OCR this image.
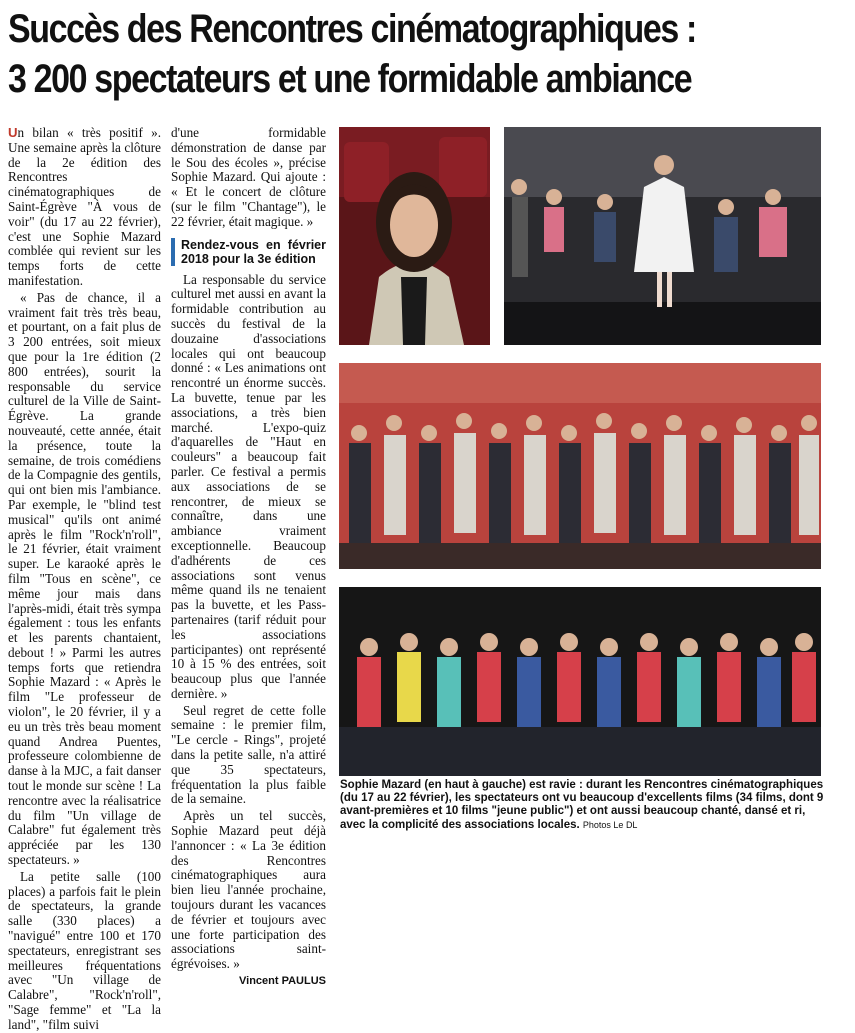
Succès des Rencontres cinématographiques :
3 200 spectateurs et une formidable ambiance

Un bilan « très positif ». Une semaine après la clôture de la 2e édition des Rencontres cinématographiques de Saint-Égrève "À vous de voir" (du 17 au 22 février), c'est une Sophie Mazard comblée qui revient sur les temps forts de cette manifestation.

« Pas de chance, il a vraiment fait très très beau, et pourtant, on a fait plus de 3 200 entrées, soit mieux que pour la 1re édition (2 800 entrées), sourit la responsable du service culturel de la Ville de Saint-Égrève. La grande nouveauté, cette année, était la présence, toute la semaine, de trois comédiens de la Compagnie des gentils, qui ont bien mis l'ambiance. Par exemple, le "blind test musical" qu'ils ont animé après le film "Rock'n'roll", le 21 février, était vraiment super. Le karaoké après le film "Tous en scène", ce même jour mais dans l'après-midi, était très sympa également : tous les enfants et les parents chantaient, debout ! » Parmi les autres temps forts que retiendra Sophie Mazard : « Après le film "Le professeur de violon", le 20 février, il y a eu un très très beau moment quand Andrea Puentes, professeure colombienne de danse à la MJC, a fait danser tout le monde sur scène ! La rencontre avec la réalisatrice du film "Un village de Calabre" fut également très appréciée par les 130 spectateurs. »

La petite salle (100 places) a parfois fait le plein de spectateurs, la grande salle (330 places) a "navigué" entre 100 et 170 spectateurs, enregistrant ses meilleures fréquentations avec "Un village de Calabre", "Rock'n'roll", "Sage femme" et "La la land", "film suivi

d'une formidable démonstration de danse par le Sou des écoles », précise Sophie Mazard. Qui ajoute : « Et le concert de clôture (sur le film "Chantage"), le 22 février, était magique. »

Rendez-vous en février 2018 pour la 3e édition

La responsable du service culturel met aussi en avant la formidable contribution au succès du festival de la douzaine d'associations locales qui ont beaucoup donné : « Les animations ont rencontré un énorme succès. La buvette, tenue par les associations, a très bien marché. L'expo-quiz d'aquarelles de "Haut en couleurs" a beaucoup fait parler. Ce festival a permis aux associations de se rencontrer, de mieux se connaître, dans une ambiance vraiment exceptionnelle. Beaucoup d'adhérents de ces associations sont venus même quand ils ne tenaient pas la buvette, et les Pass-partenaires (tarif réduit pour les associations participantes) ont représenté 10 à 15 % des entrées, soit beaucoup plus que l'année dernière. »

Seul regret de cette folle semaine : le premier film, "Le cercle - Rings", projeté dans la petite salle, n'a attiré que 35 spectateurs, fréquentation la plus faible de la semaine.

Après un tel succès, Sophie Mazard peut déjà l'annoncer : « La 3e édition des Rencontres cinématographiques aura bien lieu l'année prochaine, toujours durant les vacances de février et toujours avec une forte participation des associations saint-égrévoises. »

Vincent PAULUS
Sophie Mazard (en haut à gauche) est ravie : durant les Rencontres cinématographiques (du 17 au 22 février), les spectateurs ont vu beaucoup d'excellents films (34 films, dont 9 avant-premières et 10 films "jeune public") et ont aussi beaucoup chanté, dansé et ri, avec la complicité des associations locales. Photos Le DL
